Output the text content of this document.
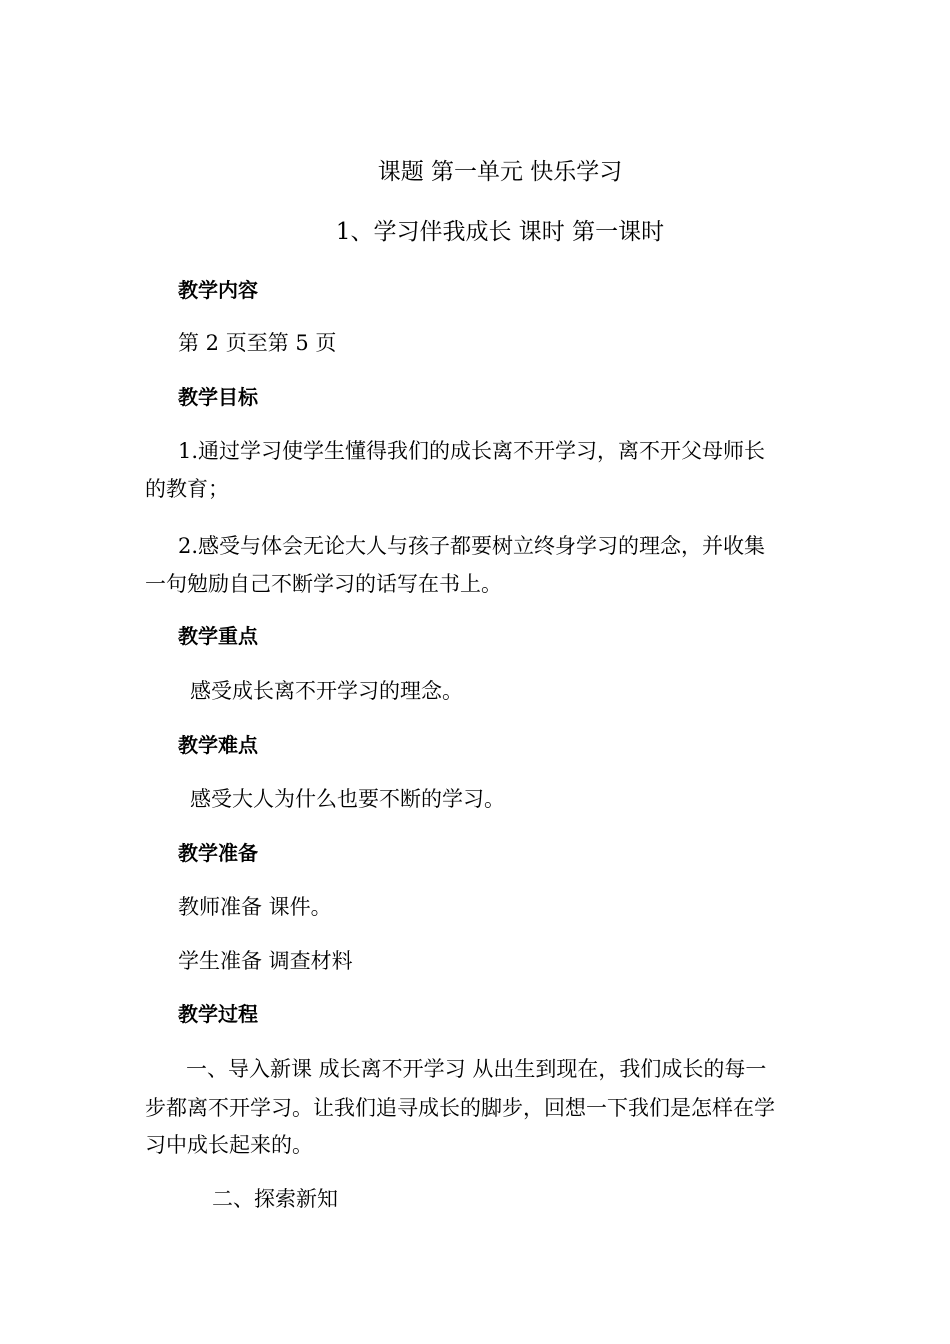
课题 第一单元 快乐学习
1、学习伴我成长 课时 第一课时
教学内容
第 2 页至第 5 页
教学目标
1.通过学习使学生懂得我们的成长离不开学习，离不开父母师长
的教育；
2.感受与体会无论大人与孩子都要树立终身学习的理念，并收集
一句勉励自己不断学习的话写在书上。
教学重点
感受成长离不开学习的理念。
教学难点
感受大人为什么也要不断的学习。
教学准备
教师准备 课件。
学生准备 调查材料
教学过程
一、导入新课 成长离不开学习 从出生到现在，我们成长的每一
步都离不开学习。让我们追寻成长的脚步，回想一下我们是怎样在学
习中成长起来的。
二、探索新知
